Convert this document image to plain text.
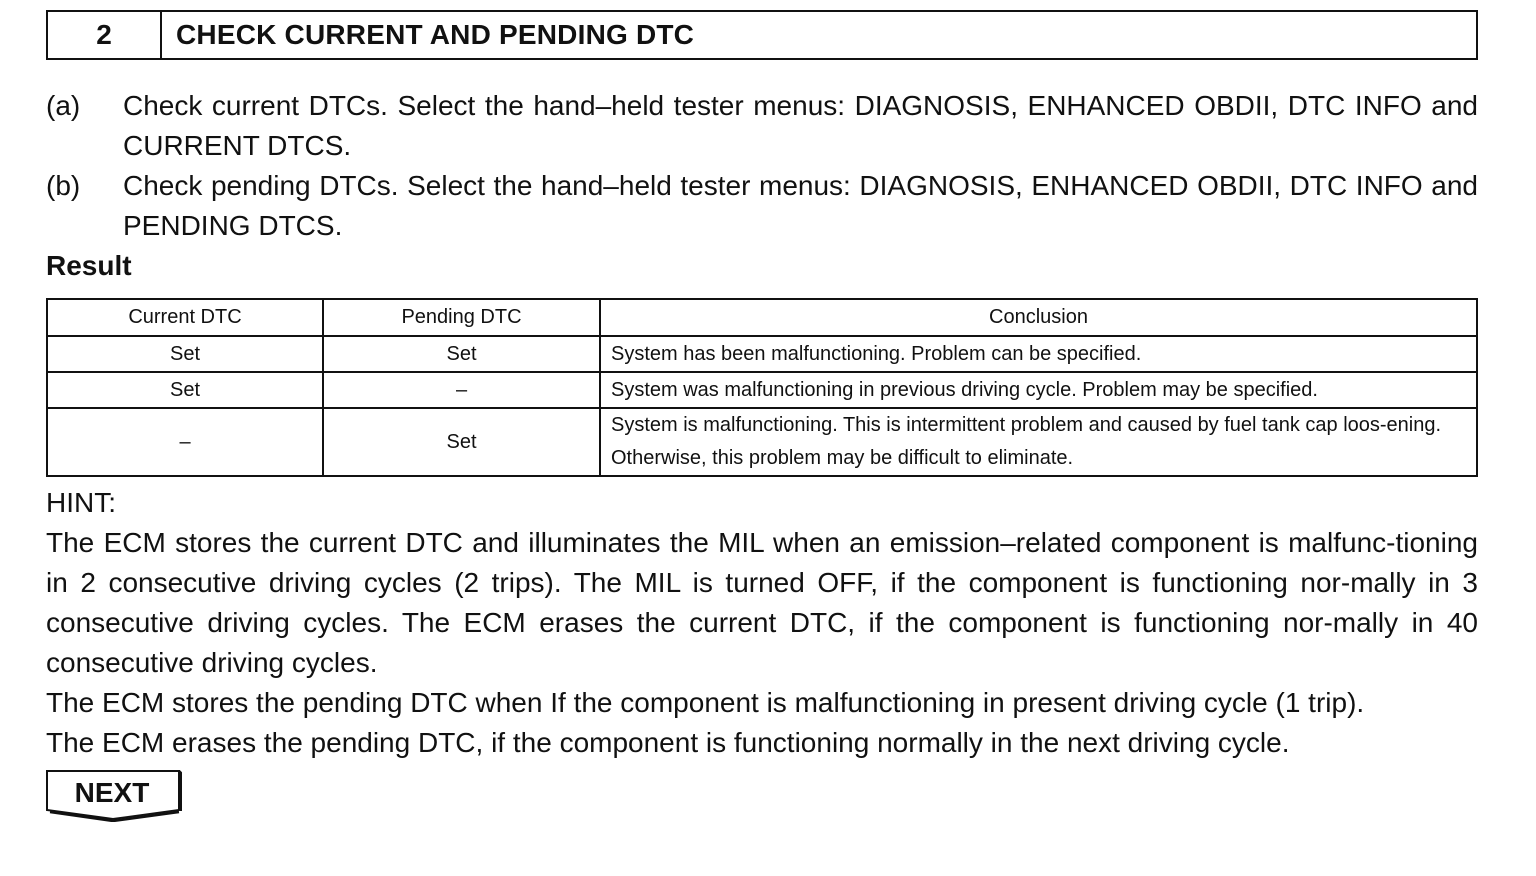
2	CHECK CURRENT AND PENDING DTC
(a)	Check current DTCs. Select the hand–held tester menus: DIAGNOSIS, ENHANCED OBDII, DTC INFO and CURRENT DTCS.
(b)	Check pending DTCs. Select the hand–held tester menus: DIAGNOSIS, ENHANCED OBDII, DTC INFO and PENDING DTCS.
Result
Current DTC	Pending DTC	Conclusion
Set	Set	System has been malfunctioning. Problem can be specified.
Set	–	System was malfunctioning in previous driving cycle. Problem may be specified.
–	Set	System is malfunctioning. This is intermittent problem and caused by fuel tank cap loos-ening. Otherwise, this problem may be difficult to eliminate.
HINT:

The ECM stores the current DTC and illuminates the MIL when an emission–related component is malfunc-tioning in 2 consecutive driving cycles (2 trips). The MIL is turned OFF, if the component is functioning nor-mally in 3 consecutive driving cycles. The ECM erases the current DTC, if the component is functioning nor-mally in 40 consecutive driving cycles.

The ECM stores the pending DTC when If the component is malfunctioning in present driving cycle (1 trip).

The ECM erases the pending DTC, if the component is functioning normally in the next driving cycle.

NEXT
